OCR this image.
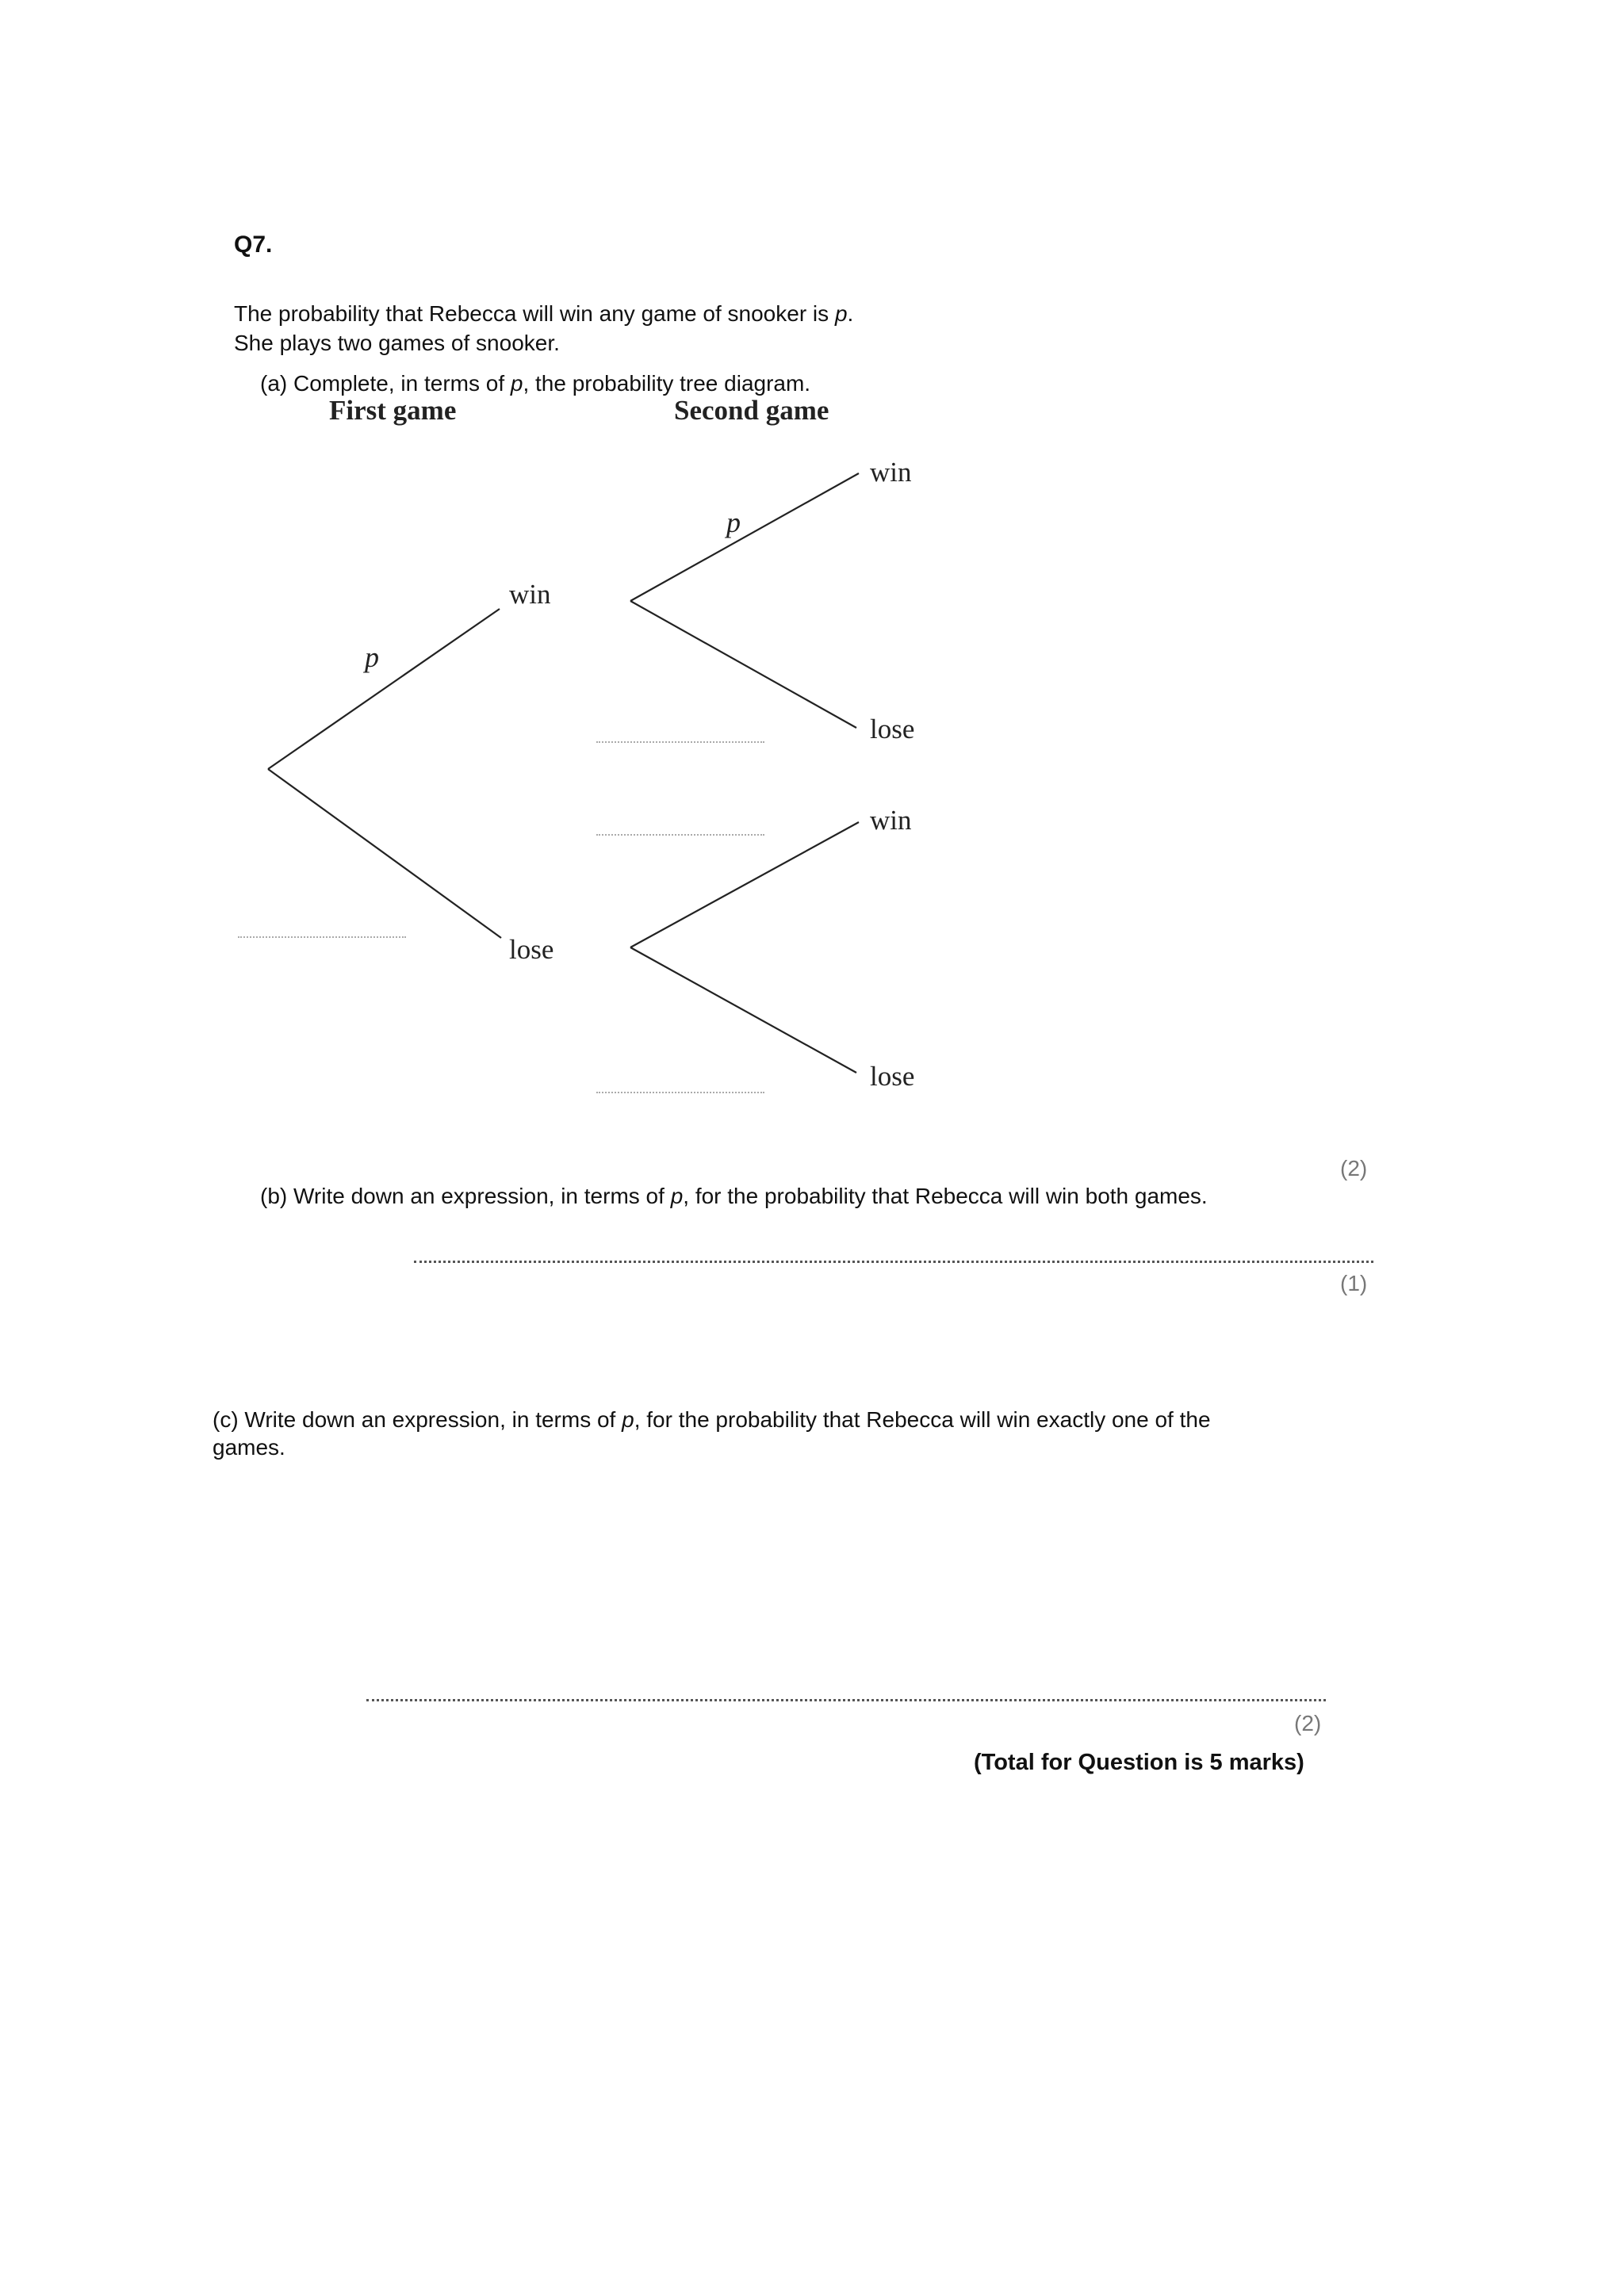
Q7.
The probability that Rebecca will win any game of snooker is p.
She plays two games of snooker.
(a) Complete, in terms of p, the probability tree diagram.
First game	Second game
win
lose
win
lose
win
lose
p
p
(2)
(b) Write down an expression, in terms of p, for the probability that Rebecca will win both games.
(1)
(c) Write down an expression, in terms of p, for the probability that Rebecca will win exactly one of the
games.
(2)
(Total for Question is 5 marks)
